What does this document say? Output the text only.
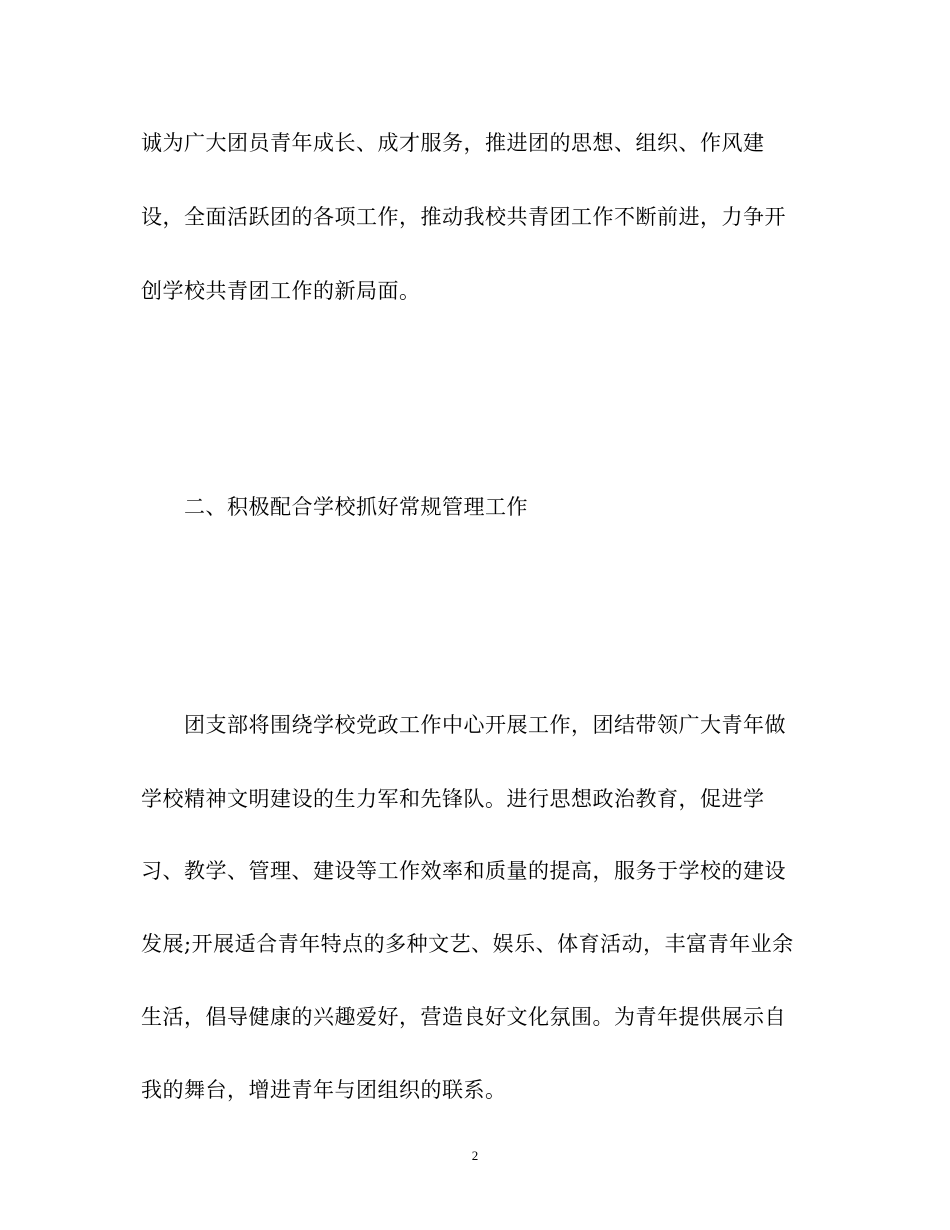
诚为广大团员青年成长、成才服务，推进团的思想、组织、作风建
设，全面活跃团的各项工作，推动我校共青团工作不断前进，力争开
创学校共青团工作的新局面。
二、积极配合学校抓好常规管理工作
团支部将围绕学校党政工作中心开展工作，团结带领广大青年做
学校精神文明建设的生力军和先锋队。进行思想政治教育，促进学
习、教学、管理、建设等工作效率和质量的提高，服务于学校的建设
发展;开展适合青年特点的多种文艺、娱乐、体育活动，丰富青年业余
生活，倡导健康的兴趣爱好，营造良好文化氛围。为青年提供展示自
我的舞台，增进青年与团组织的联系。
2
